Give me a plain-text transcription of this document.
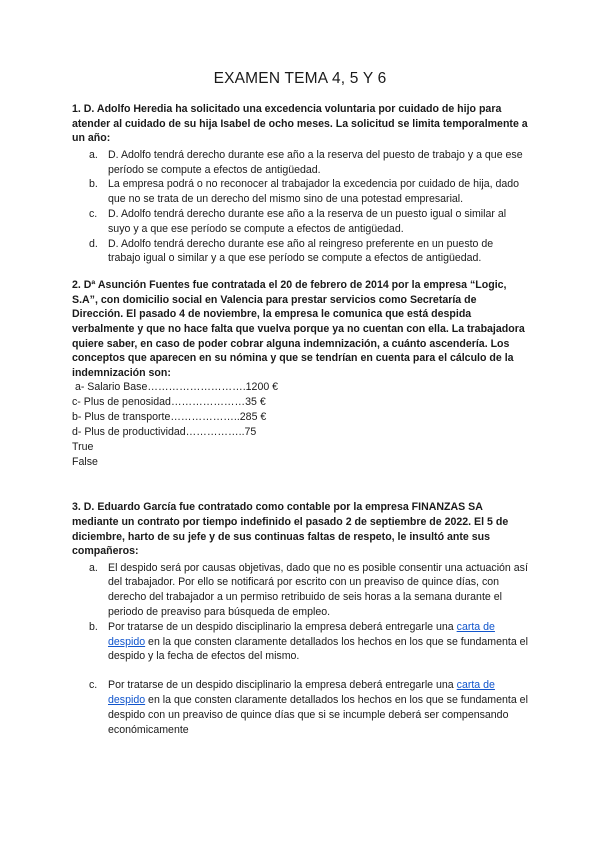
EXAMEN TEMA 4, 5 Y 6

1. D. Adolfo Heredia ha solicitado una excedencia voluntaria por cuidado de hijo para atender al cuidado de su hija Isabel de ocho meses. La solicitud se limita temporalmente a un año:

a. D. Adolfo tendrá derecho durante ese año a la reserva del puesto de trabajo y a que ese período se compute a efectos de antigüedad.
b. La empresa podrá o no reconocer al trabajador la excedencia por cuidado de hija, dado que no se trata de un derecho del mismo sino de una potestad empresarial.
c. D. Adolfo tendrá derecho durante ese año a la reserva de un puesto igual o similar al suyo y a que ese período se compute a efectos de antigüedad.
d. D. Adolfo tendrá derecho durante ese año al reingreso preferente en un puesto de trabajo igual o similar y a que ese período se compute a efectos de antigüedad.

2. Dª Asunción Fuentes fue contratada el 20 de febrero de 2014 por la empresa “Logic, S.A”, con domicilio social en Valencia para prestar servicios como Secretaría de Dirección. El pasado 4 de noviembre, la empresa le comunica que está despida verbalmente y que no hace falta que vuelva porque ya no cuentan con ella. La trabajadora quiere saber, en caso de poder cobrar alguna indemnización, a cuánto ascendería. Los conceptos que aparecen en su nómina y que se tendrían en cuenta para el cálculo de la indemnización son:

a- Salario Base……………………….1200 €

c- Plus de penosidad…………………35 €

b- Plus de transporte………………..285 €

d- Plus de productividad……………..75

True

False

3. D. Eduardo García fue contratado como contable por la empresa FINANZAS SA mediante un contrato por tiempo indefinido el pasado 2 de septiembre de 2022. El 5 de diciembre, harto de su jefe y de sus continuas faltas de respeto, le insultó ante sus compañeros:

a. El despido será por causas objetivas, dado que no es posible consentir una actuación así del trabajador. Por ello se notificará por escrito con un preaviso de quince días, con derecho del trabajador a un permiso retribuido de seis horas a la semana durante el periodo de preaviso para búsqueda de empleo.
b. Por tratarse de un despido disciplinario la empresa deberá entregarle una carta de despido en la que consten claramente detallados los hechos en los que se fundamenta el despido y la fecha de efectos del mismo.
c. Por tratarse de un despido disciplinario la empresa deberá entregarle una carta de despido en la que consten claramente detallados los hechos en los que se fundamenta el despido con un preaviso de quince días que si se incumple deberá ser compensando económicamente
